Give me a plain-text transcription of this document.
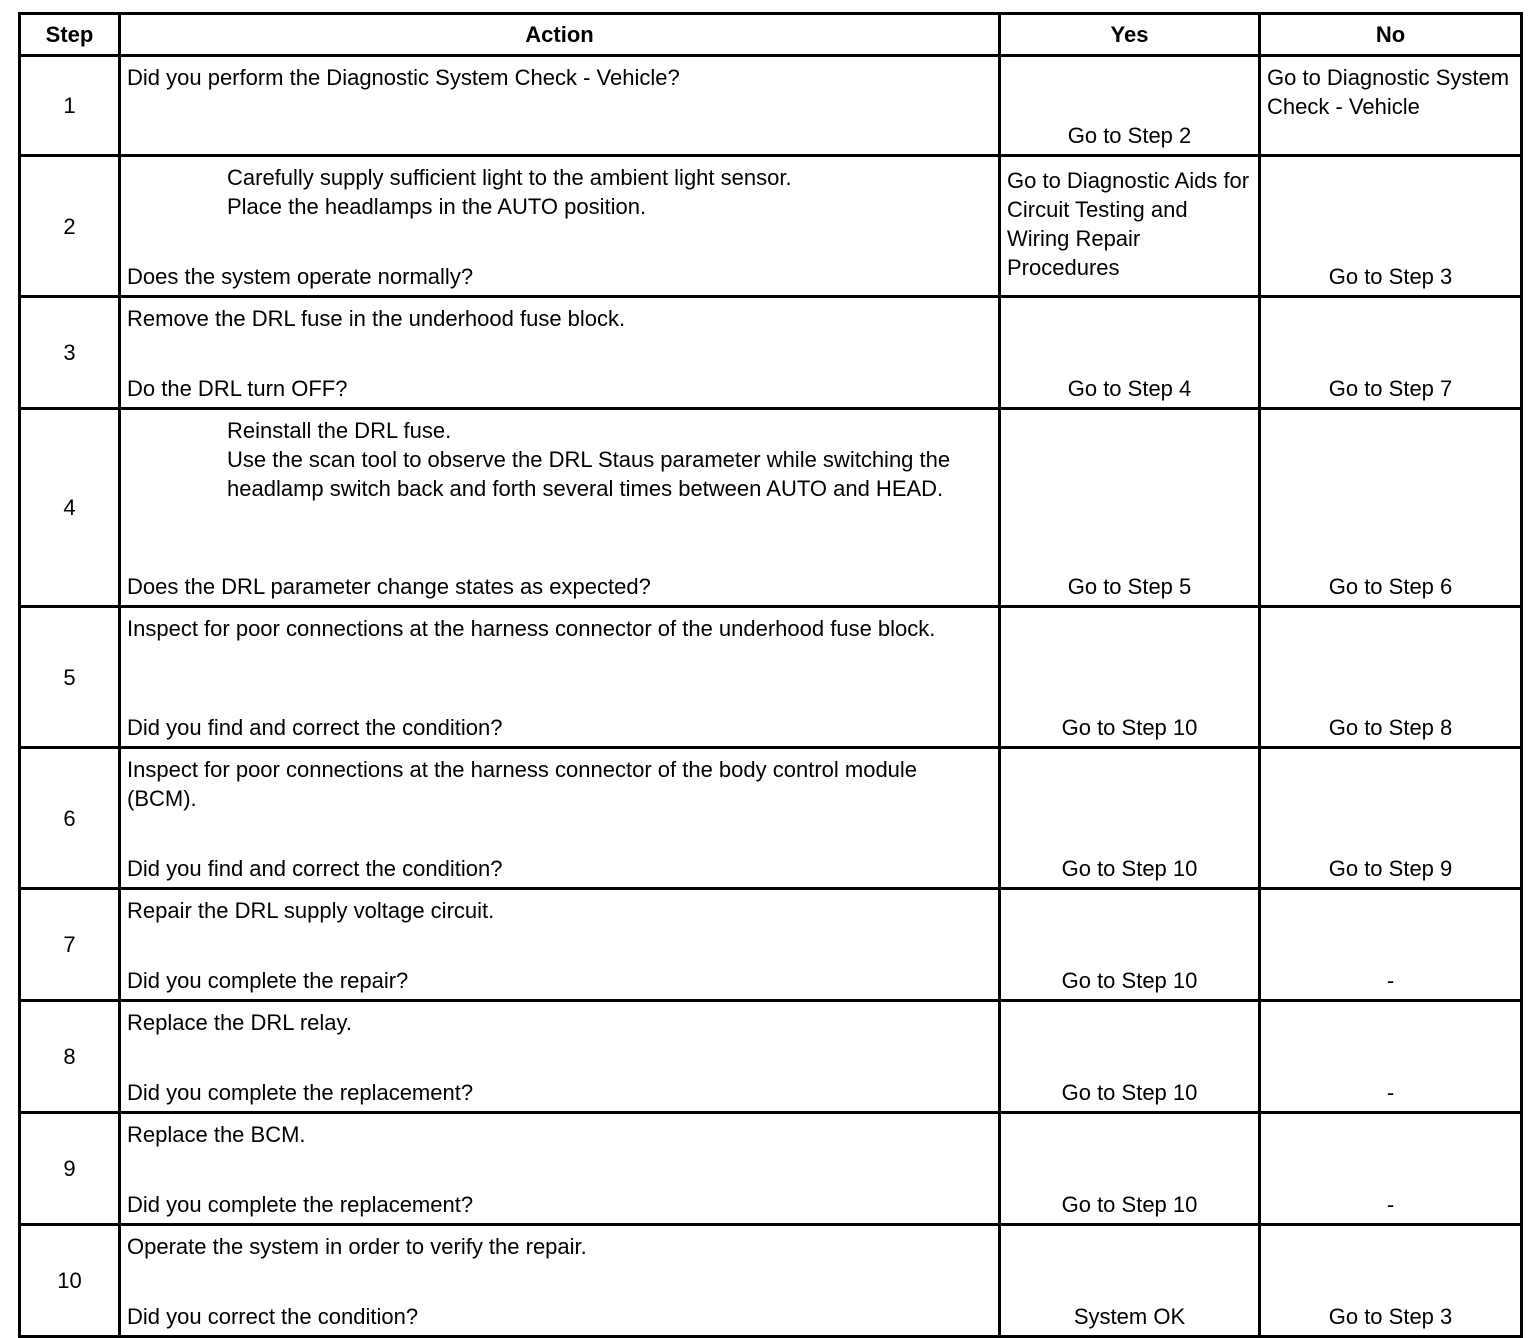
Step	Action	Yes	No
1	Did you perform the Diagnostic System Check - Vehicle?	Go to Step 2	Go to Diagnostic System Check - Vehicle
2	Carefully supply sufficient light to the ambient light sensor.
Place the headlamps in the AUTO position.
Does the system operate normally?	Go to Diagnostic Aids for Circuit Testing and Wiring Repair Procedures	Go to Step 3
3	Remove the DRL fuse in the underhood fuse block.
Do the DRL turn OFF?	Go to Step 4	Go to Step 7
4	Reinstall the DRL fuse.
Use the scan tool to observe the DRL Staus parameter while switching the headlamp switch back and forth several times between AUTO and HEAD.
Does the DRL parameter change states as expected?	Go to Step 5	Go to Step 6
5	Inspect for poor connections at the harness connector of the underhood fuse block.
Did you find and correct the condition?	Go to Step 10	Go to Step 8
6	Inspect for poor connections at the harness connector of the body control module (BCM).
Did you find and correct the condition?	Go to Step 10	Go to Step 9
7	Repair the DRL supply voltage circuit.
Did you complete the repair?	Go to Step 10	-
8	Replace the DRL relay.
Did you complete the replacement?	Go to Step 10	-
9	Replace the BCM.
Did you complete the replacement?	Go to Step 10	-
10	Operate the system in order to verify the repair.
Did you correct the condition?	System OK	Go to Step 3
